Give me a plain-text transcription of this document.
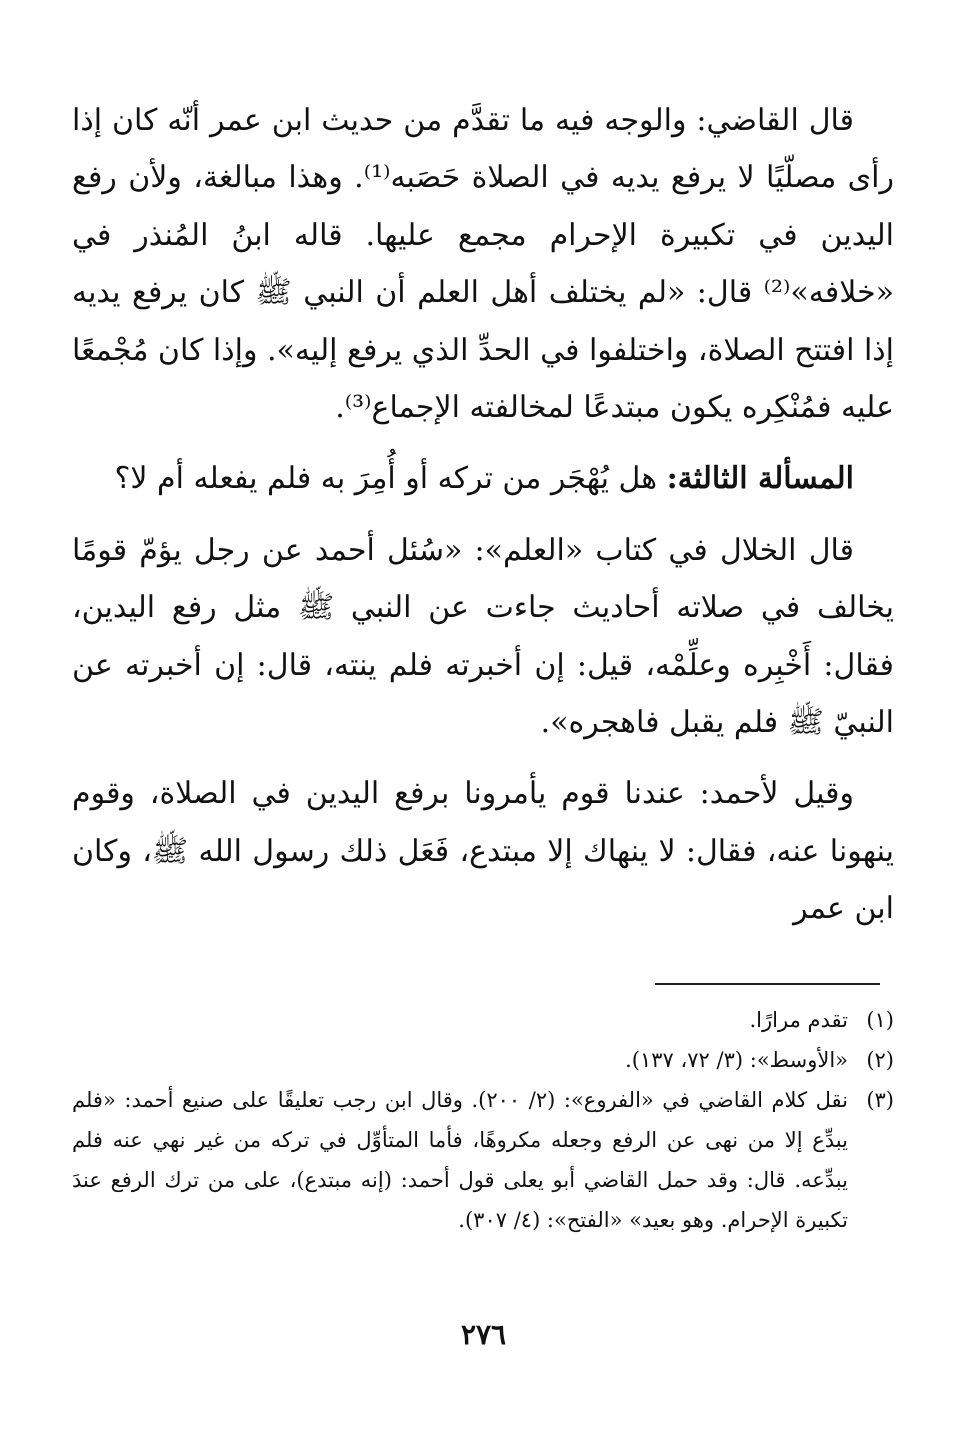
قال القاضي: والوجه فيه ما تقدَّم من حديث ابن عمر أنّه كان إذا رأى مصلّيًا لا يرفع يديه في الصلاة حَصَبه⁽¹⁾. وهذا مبالغة، ولأن رفع اليدين في تكبيرة الإحرام مجمع عليها. قاله ابنُ المُنذر في «خلافه»⁽²⁾ قال: «لم يختلف أهل العلم أن النبي ﷺ كان يرفع يديه إذا افتتح الصلاة، واختلفوا في الحدِّ الذي يرفع إليه». وإذا كان مُجْمعًا عليه فمُنْكِره يكون مبتدعًا لمخالفته الإجماع⁽³⁾.

المسألة الثالثة: هل يُهْجَر من تركه أو أُمِرَ به فلم يفعله أم لا؟

قال الخلال في كتاب «العلم»: «سُئل أحمد عن رجل يؤمّ قومًا يخالف في صلاته أحاديث جاءت عن النبي ﷺ مثل رفع اليدين، فقال: أَخْبِره وعلِّمْه، قيل: إن أخبرته فلم ينته، قال: إن أخبرته عن النبيّ ﷺ فلم يقبل فاهجره».

وقيل لأحمد: عندنا قوم يأمرونا برفع اليدين في الصلاة، وقوم ينهونا عنه، فقال: لا ينهاك إلا مبتدع، فَعَل ذلك رسول الله ﷺ، وكان ابن عمر

(١)
تقدم مرارًا.
(٢)
«الأوسط»: (٣/ ٧٢، ١٣٧).
(٣)
نقل كلام القاضي في «الفروع»: (٢/ ٢٠٠). وقال ابن رجب تعليقًا على صنيع أحمد: «فلم يبدِّع إلا من نهى عن الرفع وجعله مكروهًا، فأما المتأوِّل في تركه من غير نهي عنه فلم يبدِّعه. قال: وقد حمل القاضي أبو يعلى قول أحمد: (إنه مبتدع)، على من ترك الرفع عندَ تكبيرة الإحرام. وهو بعيد» «الفتح»: (٤/ ٣٠٧).
٢٧٦
